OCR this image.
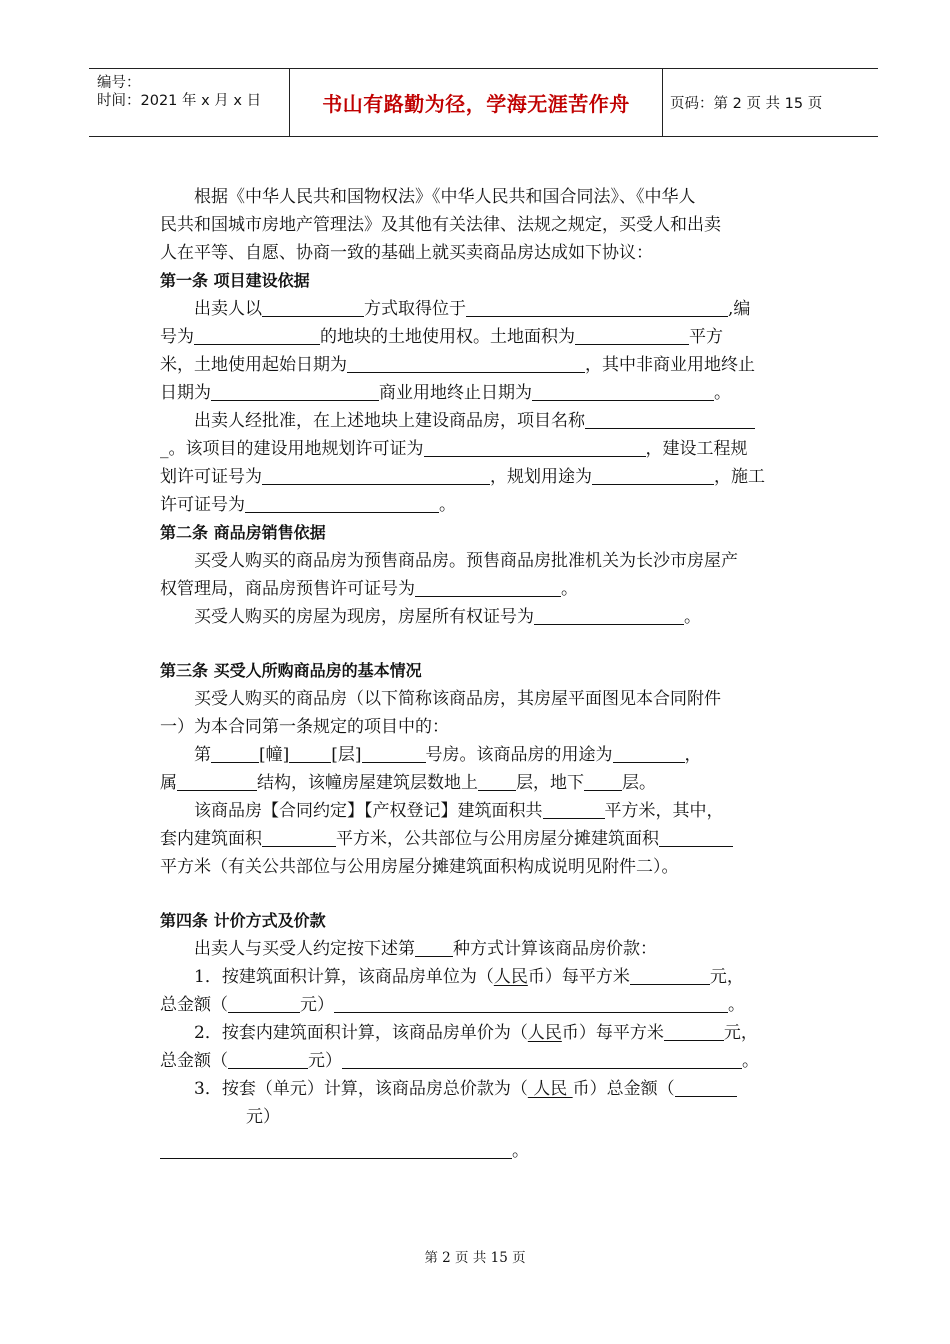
编号：
时间：2021 年 x 月 x 日	书山有路勤为径，学海无涯苦作舟	页码：第 2 页 共 15 页

根据《中华人民共和国物权法》《中华人民共和国合同法》、《中华人

民共和国城市房地产管理法》及其他有关法律、法规之规定，买受人和出卖

人在平等、自愿、协商一致的基础上就买卖商品房达成如下协议：

第一条 项目建设依据

出卖人以	方式取得位于	,编

号为	的地块的土地使用权。土地面积为	平方

米，土地使用起始日期为	，其中非商业用地终止

日期为	商业用地终止日期为	。

出卖人经批准，在上述地块上建设商品房，项目名称

_。该项目的建设用地规划许可证为	，建设工程规

划许可证号为	，规划用途为	，施工

许可证号为	。

第二条 商品房销售依据

买受人购买的商品房为预售商品房。预售商品房批准机关为长沙市房屋产

权管理局，商品房预售许可证号为	。

买受人购买的房屋为现房，房屋所有权证号为	。

第三条 买受人所购商品房的基本情况

买受人购买的商品房（以下简称该商品房，其房屋平面图见本合同附件

一）为本合同第一条规定的项目中的：

第	[幢] [层]	号房。该商品房的用途为	，

属	结构，该幢房屋建筑层数地上 层，地下 层。

该商品房【合同约定】【产权登记】建筑面积共	平方米，其中，

套内建筑面积	平方米，公共部位与公用房屋分摊建筑面积

平方米（有关公共部位与公用房屋分摊建筑面积构成说明见附件二）。

第四条 计价方式及价款

出卖人与买受人约定按下述第 种方式计算该商品房价款：

1．按建筑面积计算，该商品房单位为（人民币）每平方米	元，

总金额（	元）	。

2．按套内建筑面积计算，该商品房单价为（人民币）每平方米	元，

总金额（	元）	。

3．按套（单元）计算，该商品房总价款为（ 人民 币）总金额（

元）

。

第 2 页 共 15 页
